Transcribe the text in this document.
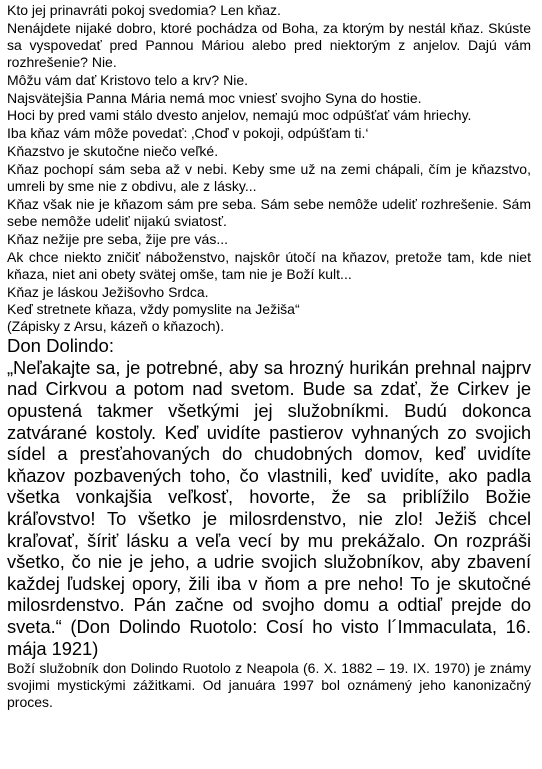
Kto jej prinavráti pokoj svedomia? Len kňaz.

Nenájdete nijaké dobro, ktoré pochádza od Boha, za ktorým by nestál kňaz. Skúste sa vyspovedať pred Pannou Máriou alebo pred niektorým z anjelov. Dajú vám rozhrešenie? Nie.

Môžu vám dať Kristovo telo a krv? Nie.

Najsvätejšia Panna Mária nemá moc vniesť svojho Syna do hostie.

Hoci by pred vami stálo dvesto anjelov, nemajú moc odpúšťať vám hriechy.

Iba kňaz vám môže povedať: ‚Choď v pokoji, odpúšťam ti.‘

Kňazstvo je skutočne niečo veľké.

Kňaz pochopí sám seba až v nebi. Keby sme už na zemi chápali, čím je kňazstvo, umreli by sme nie z obdivu, ale z lásky...

Kňaz však nie je kňazom sám pre seba. Sám sebe nemôže udeliť rozhrešenie. Sám sebe nemôže udeliť nijakú sviatosť.

Kňaz nežije pre seba, žije pre vás...

Ak chce niekto zničiť náboženstvo, najskôr útočí na kňazov, pretože tam, kde niet kňaza, niet ani obety svätej omše, tam nie je Boží kult...

Kňaz je láskou Ježišovho Srdca.

Keď stretnete kňaza, vždy pomyslite na Ježiša“

(Zápisky z Arsu, kázeň o kňazoch).

Don Dolindo:

„Neľakajte sa, je potrebné, aby sa hrozný hurikán prehnal najprv nad Cirkvou a potom nad svetom. Bude sa zdať, že Cirkev je opustená takmer všetkými jej služobníkmi. Budú dokonca zatvárané kostoly. Keď uvidíte pastierov vyhnaných zo svojich sídel a presťahovaných do chudobných domov, keď uvidíte kňazov pozbavených toho, čo vlastnili, keď uvidíte, ako padla všetka vonkajšia veľkosť, hovorte, že sa priblížilo Božie kráľovstvo! To všetko je milosrdenstvo, nie zlo! Ježiš chcel kraľovať, šíriť lásku a veľa vecí by mu prekážalo. On rozpráši všetko, čo nie je jeho, a udrie svojich služobníkov, aby zbavení každej ľudskej opory, žili iba v ňom a pre neho! To je skutočné milosrdenstvo. Pán začne od svojho domu a odtiaľ prejde do sveta.“ (Don Dolindo Ruotolo: Cosí ho visto l´Immaculata, 16. mája 1921)

Boží služobník don Dolindo Ruotolo z Neapola (6. X. 1882 – 19. IX. 1970) je známy svojimi mystickými zážitkami. Od januára 1997 bol oznámený jeho kanonizačný proces.
